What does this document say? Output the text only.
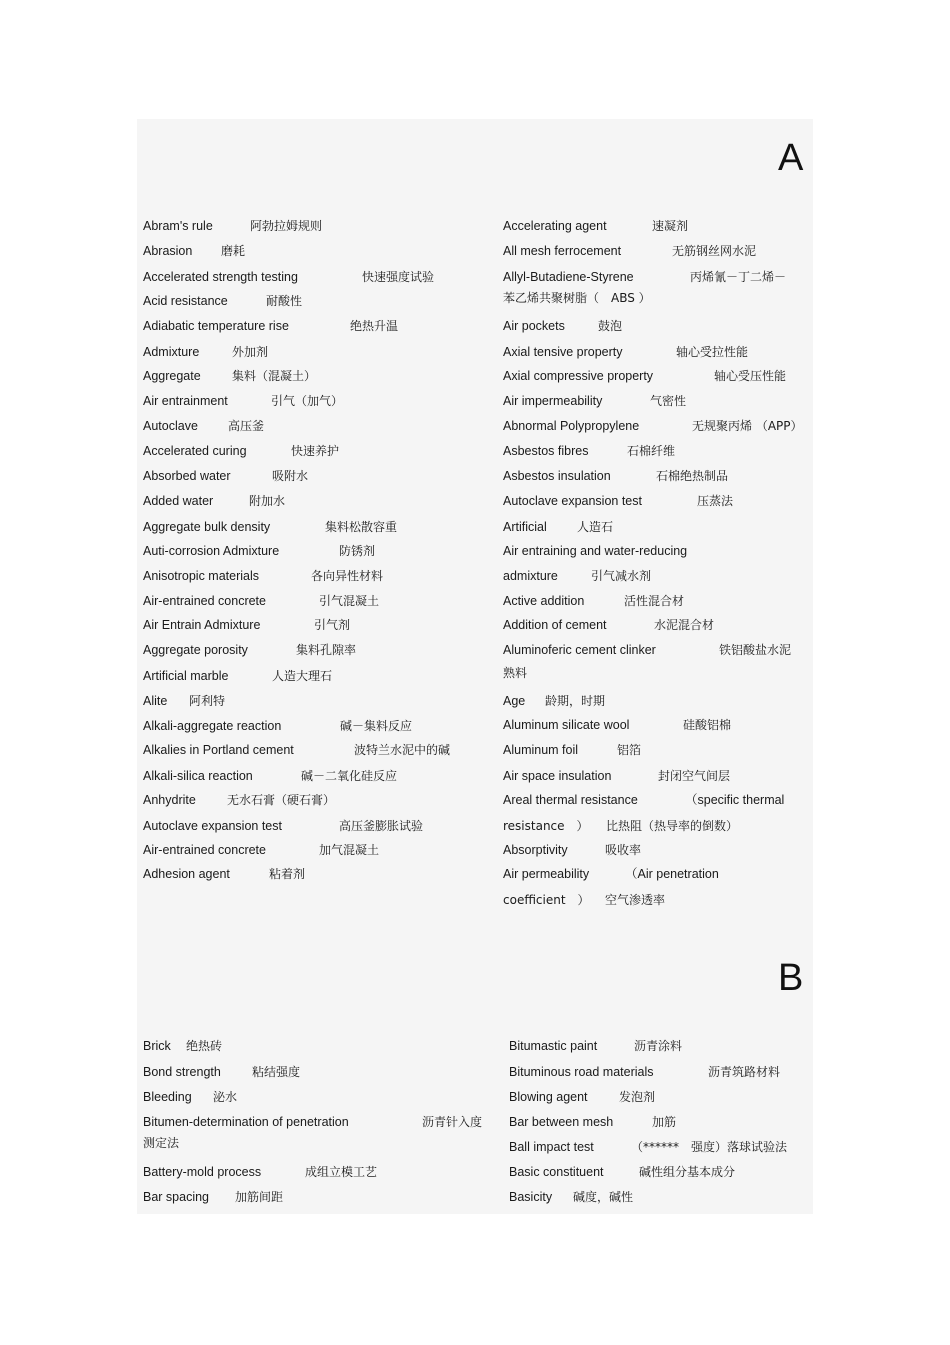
A
Abram's rule	阿勃拉姆规则
Abrasion 磨耗
Accelerated strength testing	快速强度试验
Acid resistance	耐酸性
Adiabatic temperature rise	绝热升温
Admixture	外加剂
Aggregate	集料（混凝土）
Air entrainment	引气（加气）
Autoclave	高压釜
Accelerated curing	快速养护
Absorbed water	吸附水
Added water	附加水
Aggregate bulk density	集料松散容重
Auti-corrosion Admixture	防锈剂
Anisotropic materials	各向异性材料
Air-entrained concrete	引气混凝土
Air Entrain Admixture	引气剂
Aggregate porosity	集料孔隙率
Artificial marble	人造大理石
Alite 阿利特
Alkali-aggregate reaction	碱－集料反应
Alkalies in Portland cement	波特兰水泥中的碱
Alkali-silica reaction	碱－二氧化硅反应
Anhydrite	无水石膏（硬石膏）
Autoclave expansion test	高压釜膨胀试验
Air-entrained concrete	加气混凝土
Adhesion agent	粘着剂
Accelerating agent	速凝剂
All mesh ferrocement	无筋钢丝网水泥
Allyl-Butadiene-Styrene	丙烯氰－丁二烯－
苯乙烯共聚树脂（　ABS ）
Air pockets	鼓泡
Axial tensive property	轴心受拉性能
Axial compressive property	轴心受压性能
Air impermeability	气密性
Abnormal Polypropylene	无规聚丙烯 （APP）
Asbestos fibres	石棉纤维
Asbestos insulation	石棉绝热制品
Autoclave expansion test	压蒸法
Artificial	人造石
Air entraining and water-reducing
admixture	引气减水剂
Active addition	活性混合材
Addition of cement	水泥混合材
Aluminoferic cement clinker	铁铝酸盐水泥
熟料
Age 龄期，时期
Aluminum silicate wool	硅酸铝棉
Aluminum foil	铝箔
Air space insulation	封闭空气间层
Areal thermal resistance	（specific thermal
resistance　） 比热阻（热导率的倒数）
Absorptivity	吸收率
Air permeability	（Air penetration
coefficient　） 空气渗透率
B
Brick 绝热砖
Bond strength	粘结强度
Bleeding 泌水
Bitumen-determination of penetration	沥青针入度
测定法
Battery-mold process	成组立模工艺
Bar spacing 加筋间距
Bitumastic paint	沥青涂料
Bituminous road materials	沥青筑路材料
Blowing agent	发泡剂
Bar between mesh	加筋
Ball impact test	（******　强度）落球试验法
Basic constituent	碱性组分基本成分
Basicity 碱度，碱性
